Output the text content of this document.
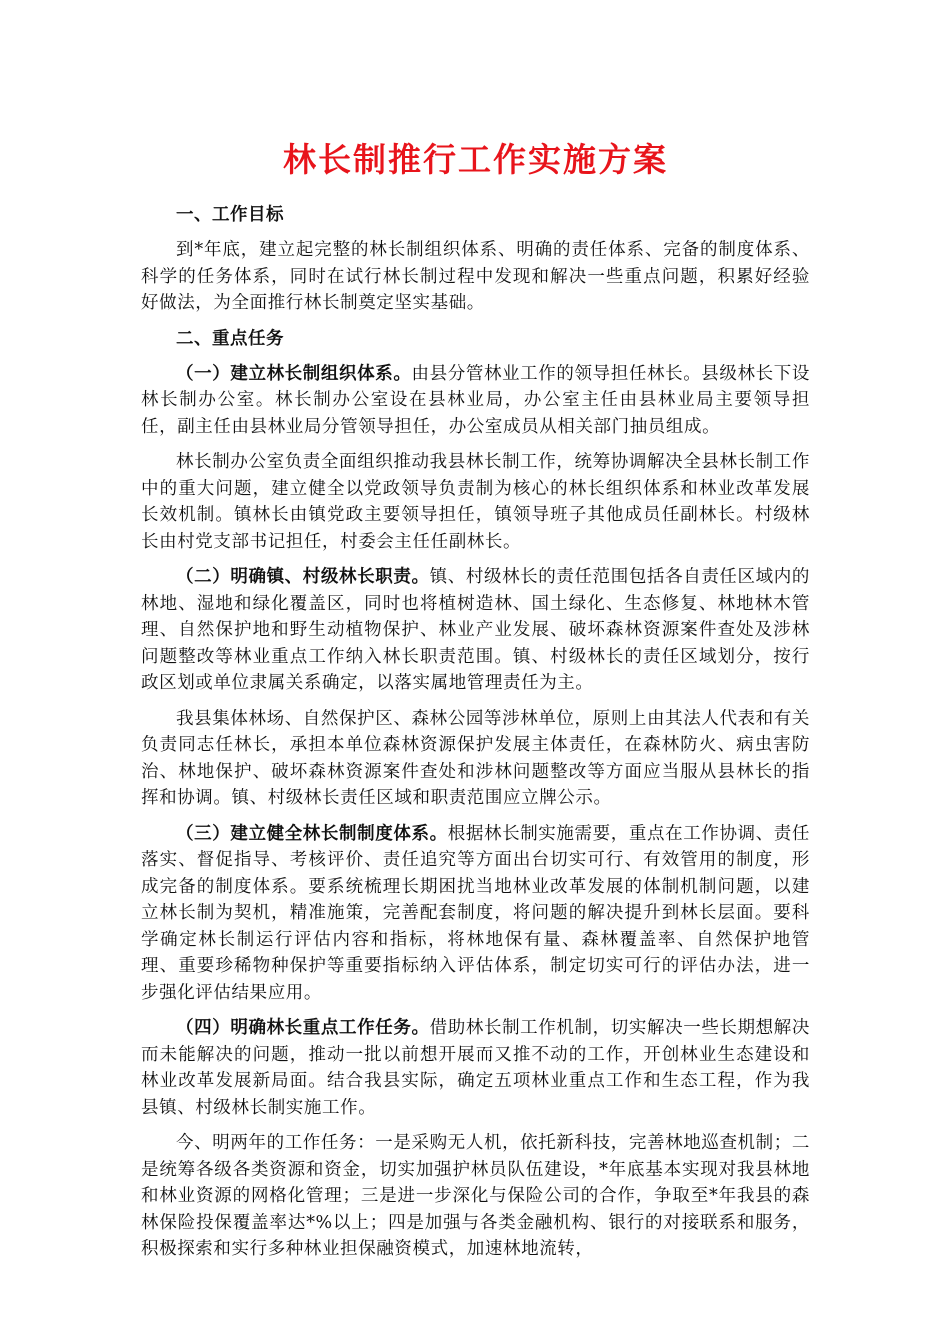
林长制推行工作实施方案
一、工作目标

到*年底，建立起完整的林长制组织体系、明确的责任体系、完备的制度体系、科学的任务体系，同时在试行林长制过程中发现和解决一些重点问题，积累好经验好做法，为全面推行林长制奠定坚实基础。

二、重点任务

（一）建立林长制组织体系。由县分管林业工作的领导担任林长。县级林长下设林长制办公室。林长制办公室设在县林业局，办公室主任由县林业局主要领导担任，副主任由县林业局分管领导担任，办公室成员从相关部门抽员组成。

林长制办公室负责全面组织推动我县林长制工作，统筹协调解决全县林长制工作中的重大问题，建立健全以党政领导负责制为核心的林长组织体系和林业改革发展长效机制。镇林长由镇党政主要领导担任，镇领导班子其他成员任副林长。村级林长由村党支部书记担任，村委会主任任副林长。

（二）明确镇、村级林长职责。镇、村级林长的责任范围包括各自责任区域内的林地、湿地和绿化覆盖区，同时也将植树造林、国土绿化、生态修复、林地林木管理、自然保护地和野生动植物保护、林业产业发展、破坏森林资源案件查处及涉林问题整改等林业重点工作纳入林长职责范围。镇、村级林长的责任区域划分，按行政区划或单位隶属关系确定，以落实属地管理责任为主。

我县集体林场、自然保护区、森林公园等涉林单位，原则上由其法人代表和有关负责同志任林长，承担本单位森林资源保护发展主体责任，在森林防火、病虫害防治、林地保护、破坏森林资源案件查处和涉林问题整改等方面应当服从县林长的指挥和协调。镇、村级林长责任区域和职责范围应立牌公示。

（三）建立健全林长制制度体系。根据林长制实施需要，重点在工作协调、责任落实、督促指导、考核评价、责任追究等方面出台切实可行、有效管用的制度，形成完备的制度体系。要系统梳理长期困扰当地林业改革发展的体制机制问题，以建立林长制为契机，精准施策，完善配套制度，将问题的解决提升到林长层面。要科学确定林长制运行评估内容和指标，将林地保有量、森林覆盖率、自然保护地管理、重要珍稀物种保护等重要指标纳入评估体系，制定切实可行的评估办法，进一步强化评估结果应用。

（四）明确林长重点工作任务。借助林长制工作机制，切实解决一些长期想解决而未能解决的问题，推动一批以前想开展而又推不动的工作，开创林业生态建设和林业改革发展新局面。结合我县实际，确定五项林业重点工作和生态工程，作为我县镇、村级林长制实施工作。

今、明两年的工作任务：一是采购无人机，依托新科技，完善林地巡查机制；二是统筹各级各类资源和资金，切实加强护林员队伍建设，*年底基本实现对我县林地和林业资源的网格化管理；三是进一步深化与保险公司的合作，争取至*年我县的森林保险投保覆盖率达*%以上；四是加强与各类金融机构、银行的对接联系和服务，积极探索和实行多种林业担保融资模式，加速林地流转，
